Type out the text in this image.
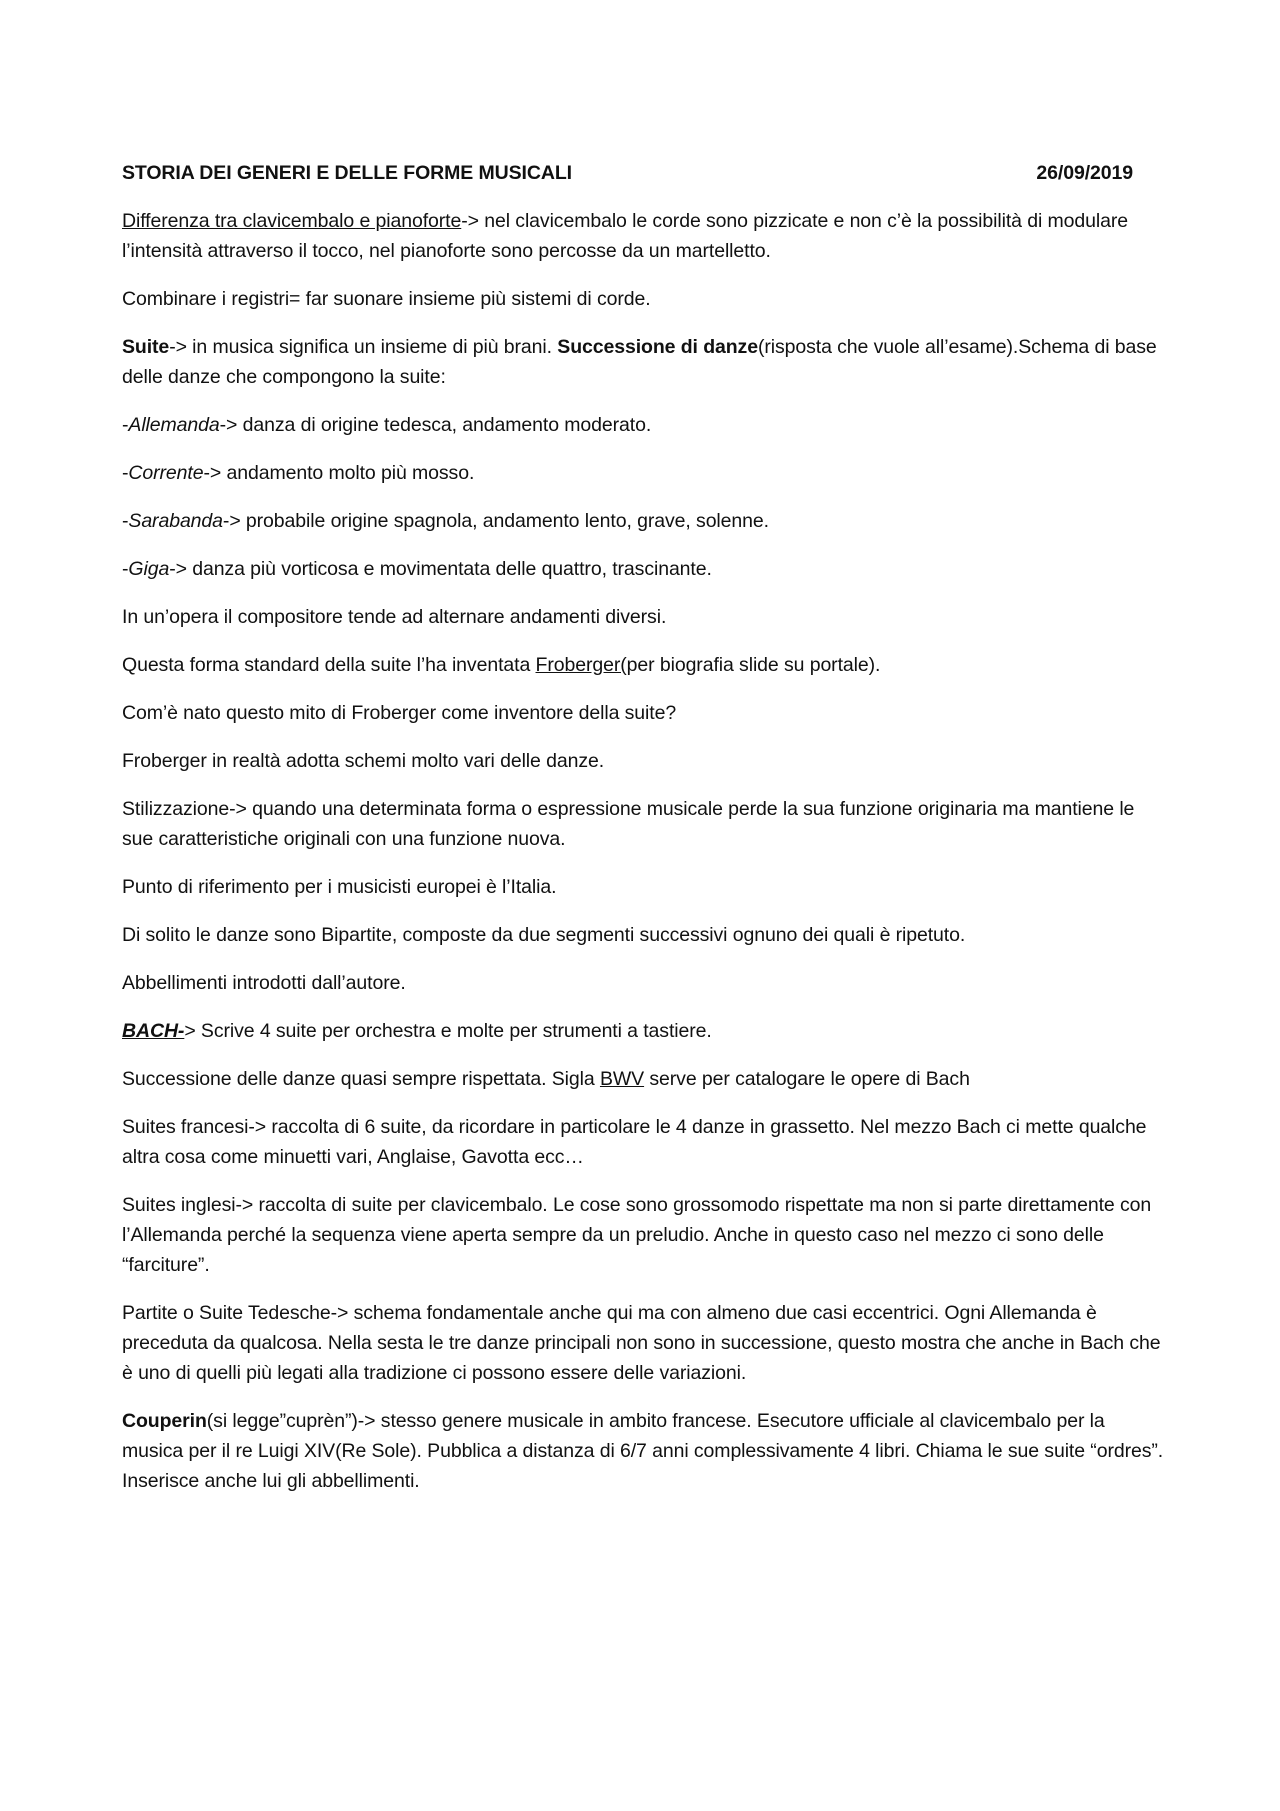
STORIA DEI GENERI E DELLE FORME MUSICALI	26/09/2019

Differenza tra clavicembalo e pianoforte-> nel clavicembalo le corde sono pizzicate e non c’è la possibilità di modulare l’intensità attraverso il tocco, nel pianoforte sono percosse da un martelletto.

Combinare i registri= far suonare insieme più sistemi di corde.

Suite-> in musica significa un insieme di più brani. Successione di danze(risposta che vuole all’esame).Schema di base delle danze che compongono la suite:

-Allemanda-> danza di origine tedesca, andamento moderato.

-Corrente-> andamento molto più mosso.

-Sarabanda-> probabile origine spagnola, andamento lento, grave, solenne.

-Giga-> danza più vorticosa e movimentata delle quattro, trascinante.

In un’opera il compositore tende ad alternare andamenti diversi.

Questa forma standard della suite l’ha inventata Froberger(per biografia slide su portale).

Com’è nato questo mito di Froberger come inventore della suite?

Froberger in realtà adotta schemi molto vari delle danze.

Stilizzazione-> quando una determinata forma o espressione musicale perde la sua funzione originaria ma mantiene le sue caratteristiche originali con una funzione nuova.

Punto di riferimento per i musicisti europei è l’Italia.

Di solito le danze sono Bipartite, composte da due segmenti successivi ognuno dei quali è ripetuto.

Abbellimenti introdotti dall’autore.

BACH-> Scrive 4 suite per orchestra e molte per strumenti a tastiere.

Successione delle danze quasi sempre rispettata. Sigla BWV serve per catalogare le opere di Bach

Suites francesi-> raccolta di 6 suite, da ricordare in particolare le 4 danze in grassetto. Nel mezzo Bach ci mette qualche altra cosa come minuetti vari, Anglaise, Gavotta ecc…

Suites inglesi-> raccolta di suite per clavicembalo. Le cose sono grossomodo rispettate ma non si parte direttamente con l’Allemanda perché la sequenza viene aperta sempre da un preludio. Anche in questo caso nel mezzo ci sono delle “farciture”.

Partite o Suite Tedesche-> schema fondamentale anche qui ma con almeno due casi eccentrici. Ogni Allemanda è preceduta da qualcosa. Nella sesta le tre danze principali non sono in successione, questo mostra che anche in Bach che è uno di quelli più legati alla tradizione ci possono essere delle variazioni.

Couperin(si legge”cuprèn”)-> stesso genere musicale in ambito francese. Esecutore ufficiale al clavicembalo per la musica per il re Luigi XIV(Re Sole). Pubblica a distanza di 6/7 anni complessivamente 4 libri. Chiama le sue suite “ordres”. Inserisce anche lui gli abbellimenti.
